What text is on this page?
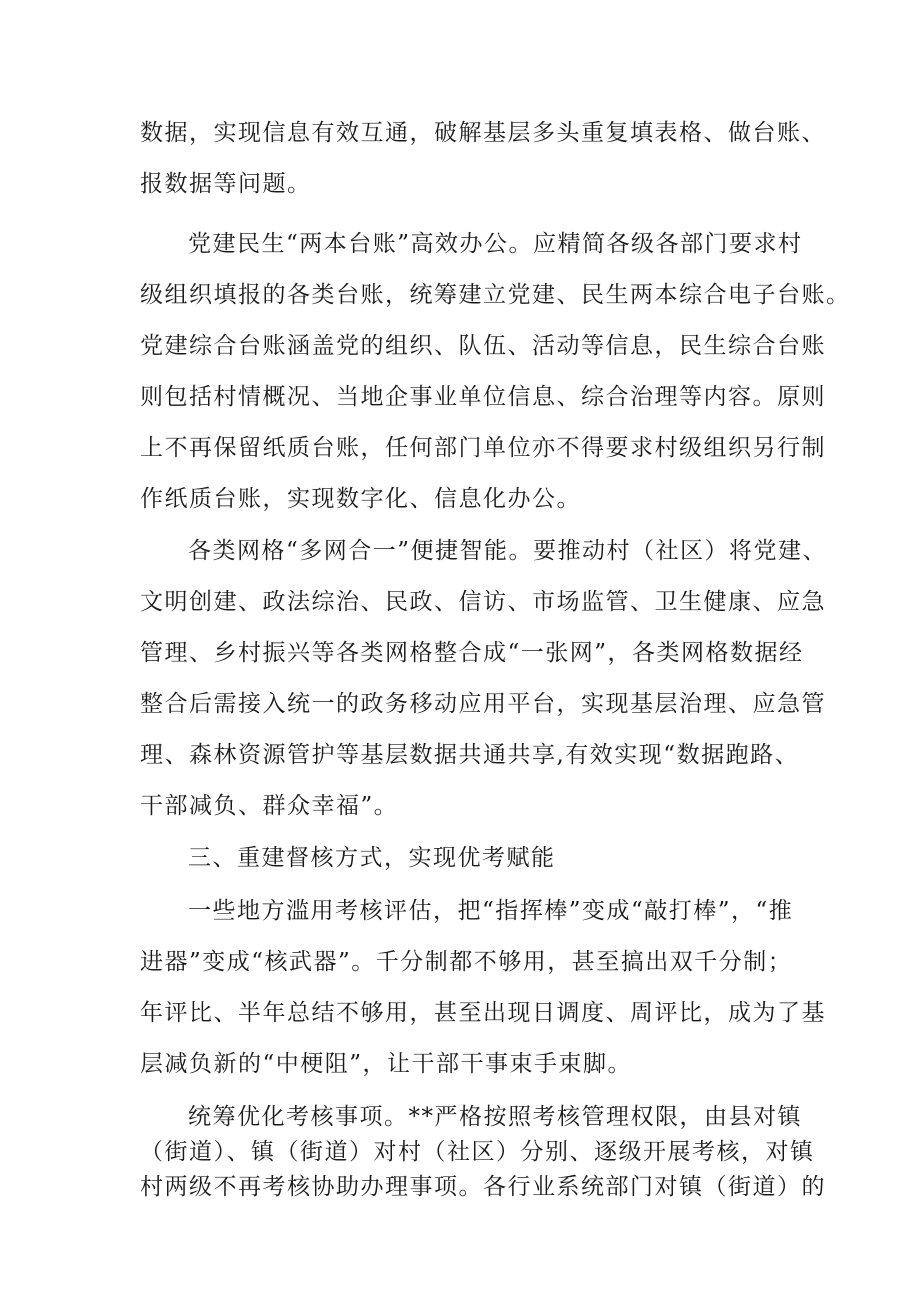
数据，实现信息有效互通，破解基层多头重复填表格、做台账、
报数据等问题。

党建民生“两本台账”高效办公。应精简各级各部门要求村
级组织填报的各类台账，统筹建立党建、民生两本综合电子台账。
党建综合台账涵盖党的组织、队伍、活动等信息，民生综合台账
则包括村情概况、当地企事业单位信息、综合治理等内容。原则
上不再保留纸质台账，任何部门单位亦不得要求村级组织另行制
作纸质台账，实现数字化、信息化办公。

各类网格“多网合一”便捷智能。要推动村（社区）将党建、
文明创建、政法综治、民政、信访、市场监管、卫生健康、应急
管理、乡村振兴等各类网格整合成“一张网”，各类网格数据经
整合后需接入统一的政务移动应用平台，实现基层治理、应急管
理、森林资源管护等基层数据共通共享,有效实现“数据跑路、
干部减负、群众幸福”。

三、重建督核方式，实现优考赋能

一些地方滥用考核评估，把“指挥棒”变成“敲打棒”，“推
进器”变成“核武器”。千分制都不够用，甚至搞出双千分制；
年评比、半年总结不够用，甚至出现日调度、周评比，成为了基
层减负新的“中梗阻”，让干部干事束手束脚。

统筹优化考核事项。**严格按照考核管理权限，由县对镇
（街道）、镇（街道）对村（社区）分别、逐级开展考核，对镇
村两级不再考核协助办理事项。各行业系统部门对镇（街道）的
